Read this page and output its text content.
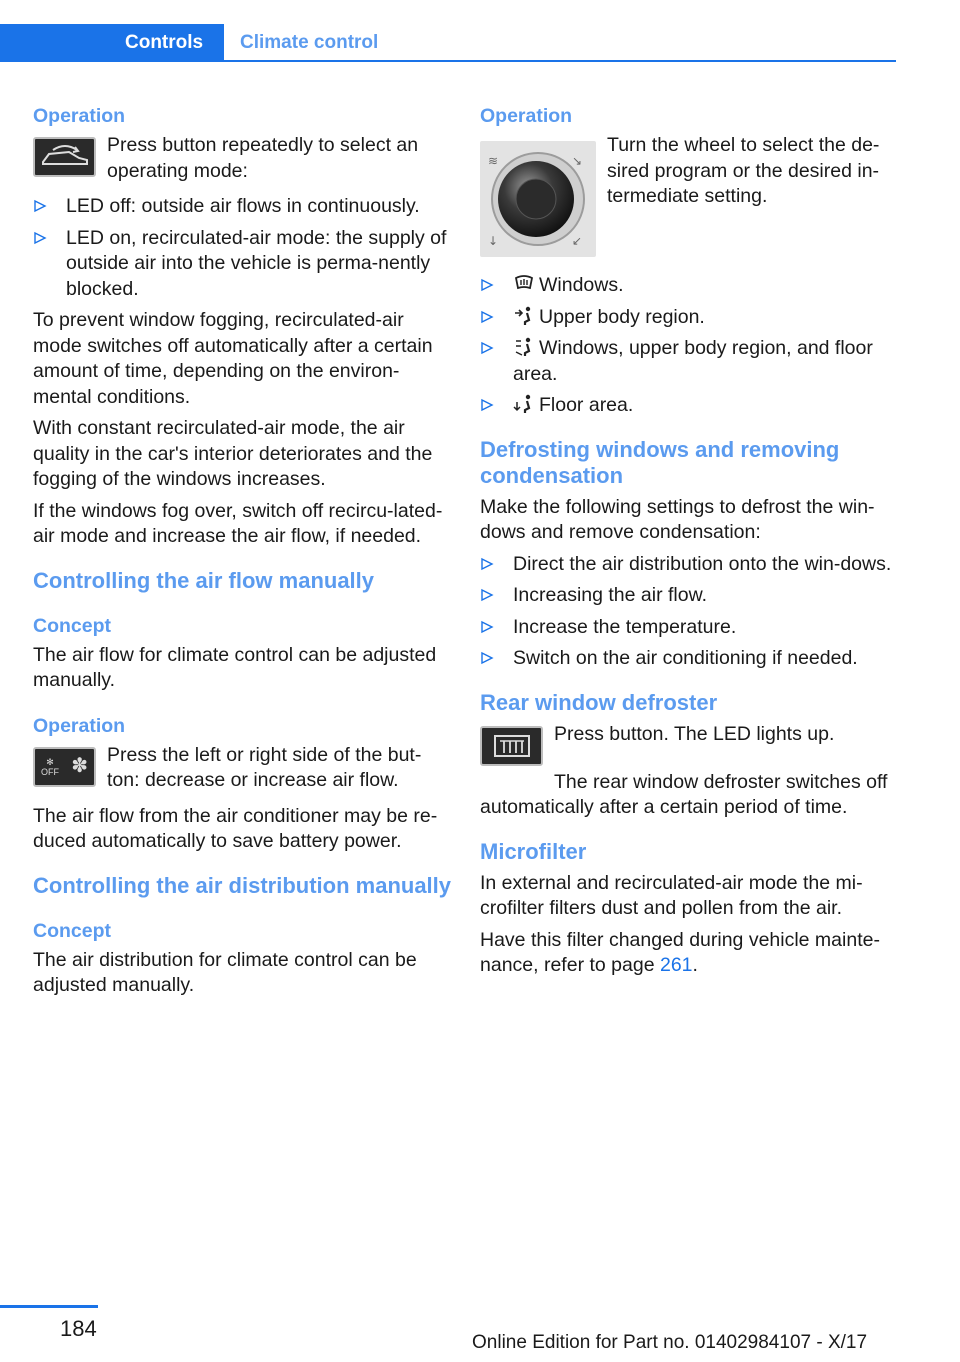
Controls	Climate control
Operation
Press button repeatedly to select an operating mode:
LED off: outside air flows in continuously.
LED on, recirculated-air mode: the supply of outside air into the vehicle is perma-nently blocked.

To prevent window fogging, recirculated-air mode switches off automatically after a certain amount of time, depending on the environ-mental conditions.

With constant recirculated-air mode, the air quality in the car's interior deteriorates and the fogging of the windows increases.

If the windows fog over, switch off recircu-lated-air mode and increase the air flow, if needed.

Controlling the air flow manually
Concept

The air flow for climate control can be adjusted manually.

Operation
✻
OFF ✽
Press the left or right side of the but-ton: decrease or increase air flow.

The air flow from the air conditioner may be re-duced automatically to save battery power.

Controlling the air distribution manually
Concept

The air distribution for climate control can be adjusted manually.

Operation
≋	↘
↙
↓
Turn the wheel to select the de-sired program or the desired in-termediate setting.
Windows.
Upper body region.
Windows, upper body region, and floor area.
Floor area.
Defrosting windows and removing condensation

Make the following settings to defrost the win-dows and remove condensation:

Direct the air distribution onto the win-dows.
Increasing the air flow.
Increase the temperature.
Switch on the air conditioning if needed.
Rear window defroster
Press button. The LED lights up.

The rear window defroster switches off automatically after a certain period of time.

Microfilter

In external and recirculated-air mode the mi-crofilter filters dust and pollen from the air.

Have this filter changed during vehicle mainte-nance, refer to page 261.

184
Online Edition for Part no. 01402984107 - X/17
